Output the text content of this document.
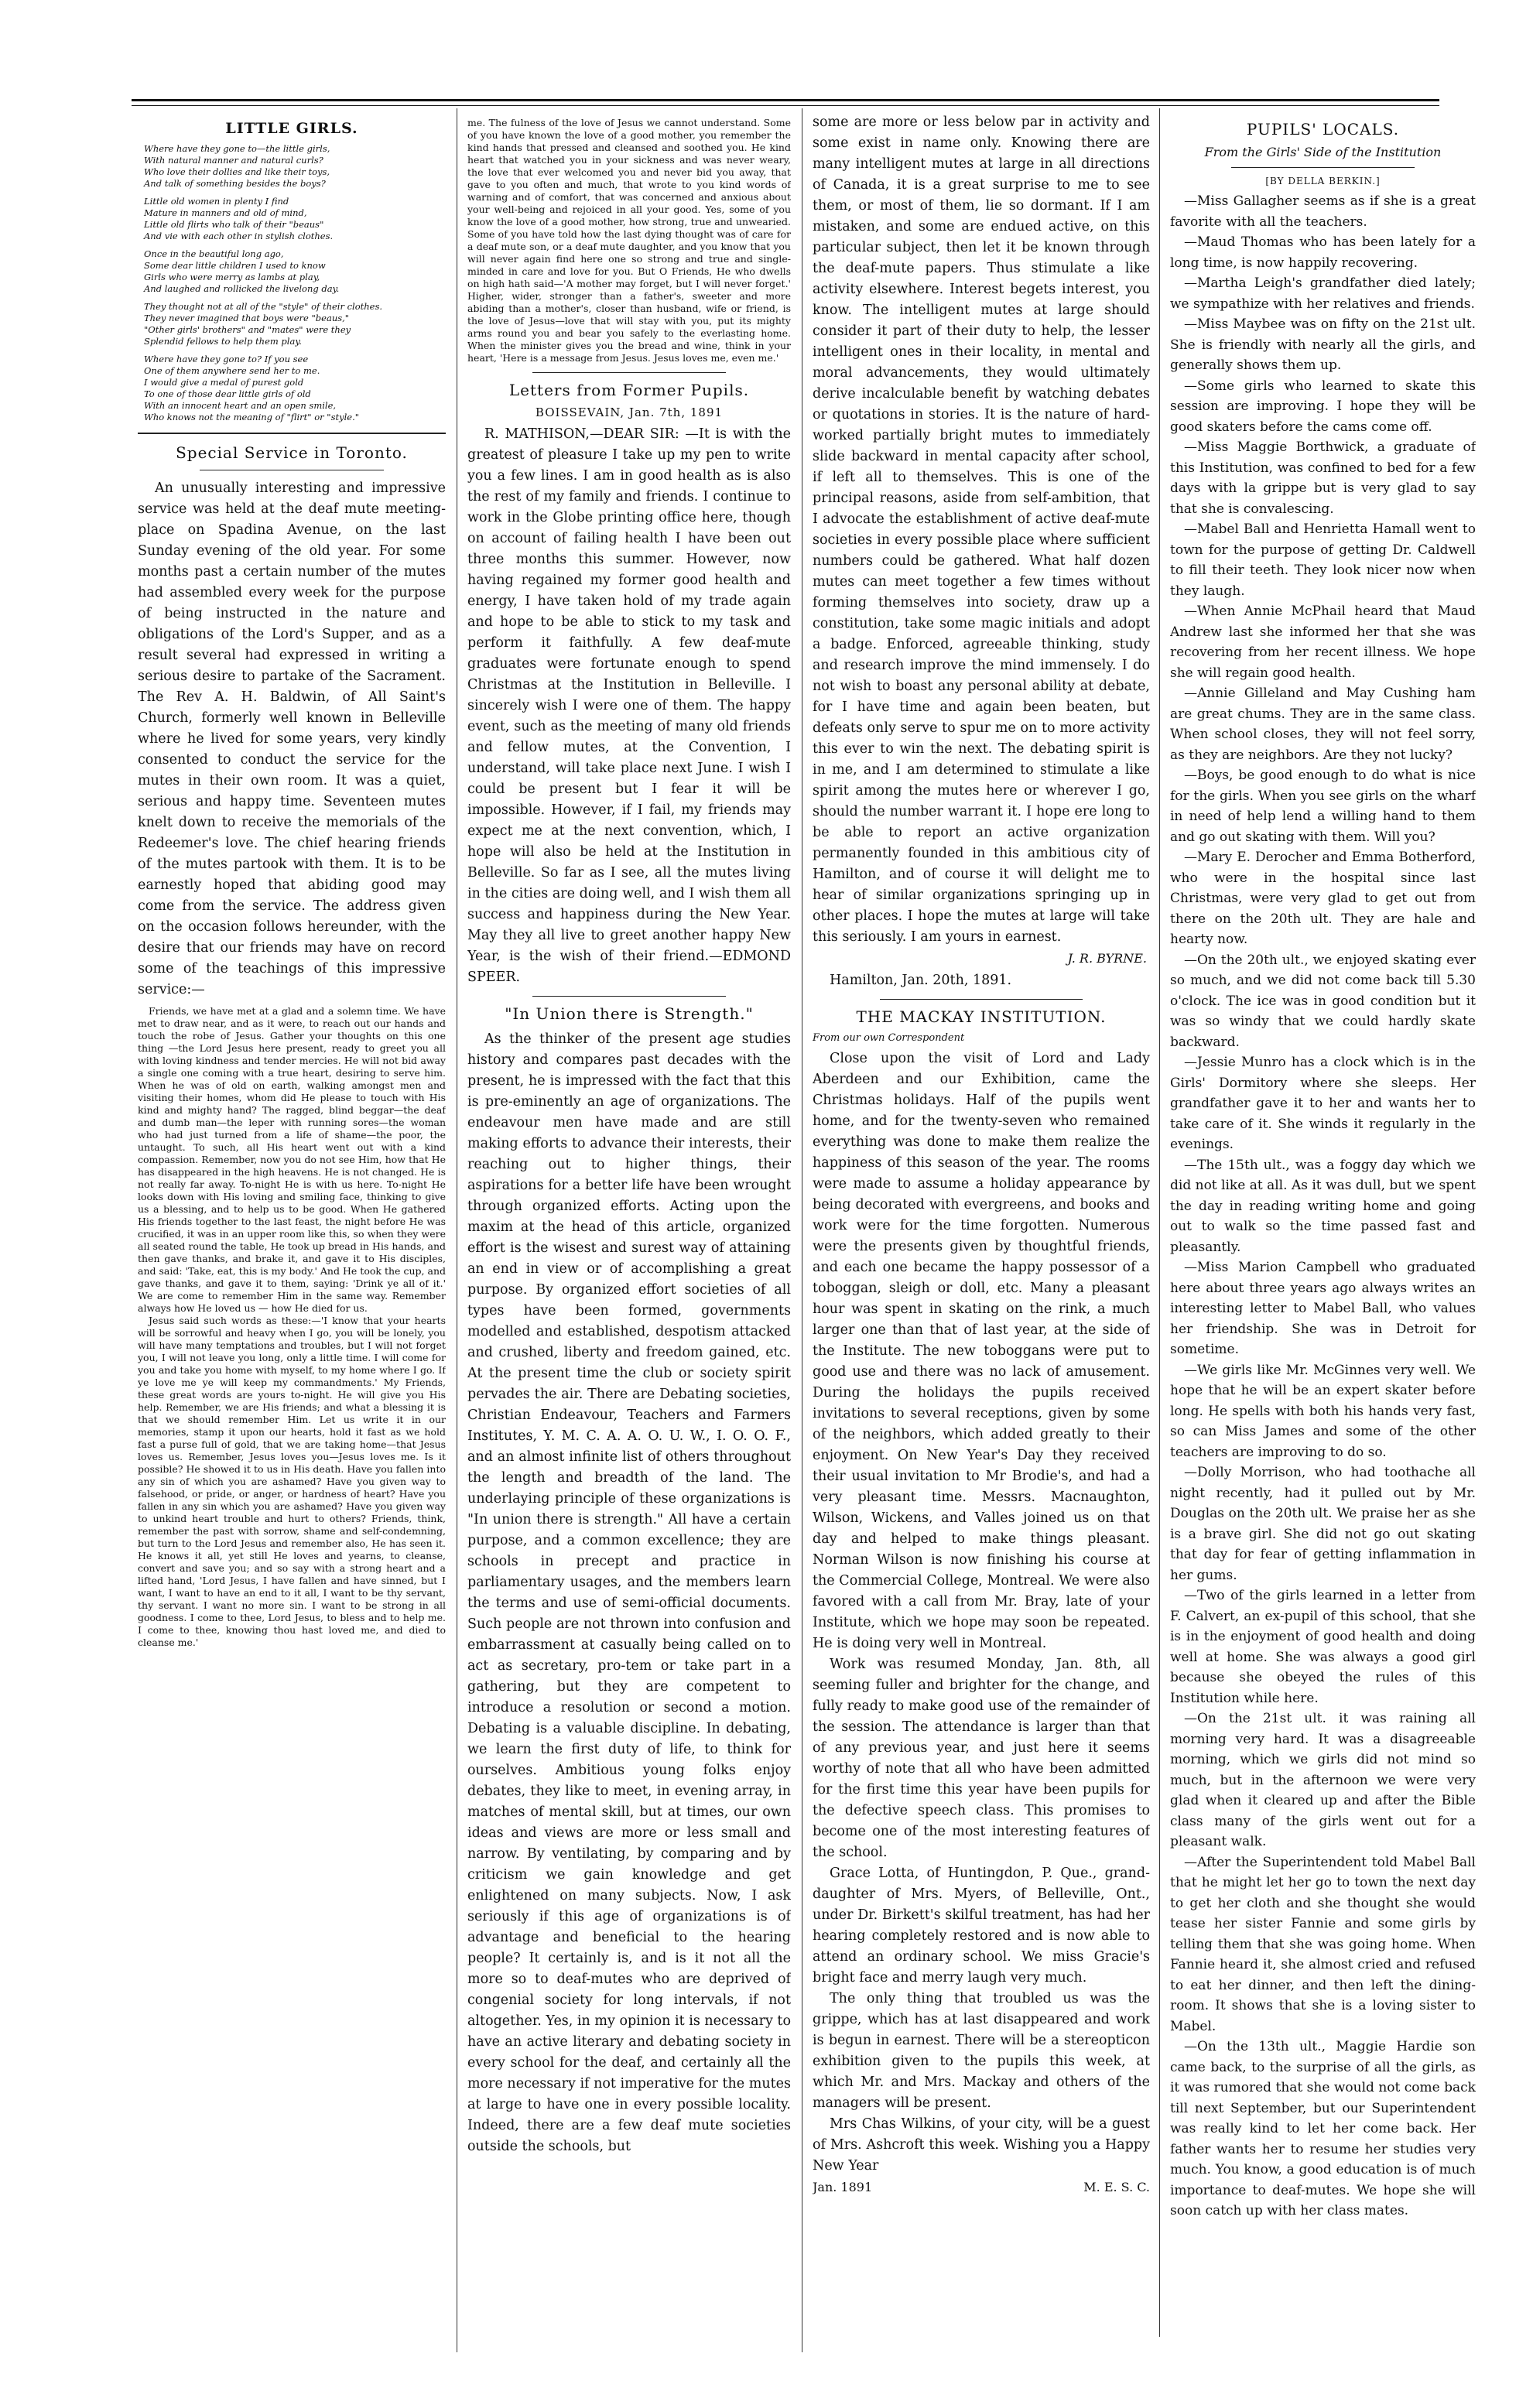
LITTLE GIRLS.

Where have they gone to—the little girls,
With natural manner and natural curls?
Who love their dollies and like their toys,
And talk of something besides the boys?

Little old women in plenty I find
Mature in manners and old of mind,
Little old flirts who talk of their "beaus"
And vie with each other in stylish clothes.

Once in the beautiful long ago,
Some dear little children I used to know
Girls who were merry as lambs at play,
And laughed and rollicked the livelong day.

They thought not at all of the "style" of their clothes.
They never imagined that boys were "beaus,"
"Other girls' brothers" and "mates" were they
Splendid fellows to help them play.

Where have they gone to? If you see
One of them anywhere send her to me.
I would give a medal of purest gold
To one of those dear little girls of old
With an innocent heart and an open smile,
Who knows not the meaning of "flirt" or "style."

Special Service in Toronto.

An unusually interesting and impressive service was held at the deaf mute meeting-place on Spadina Avenue, on the last Sunday evening of the old year. For some months past a certain number of the mutes had assembled every week for the purpose of being instructed in the nature and obligations of the Lord's Supper, and as a result several had expressed in writing a serious desire to partake of the Sacrament. The Rev A. H. Baldwin, of All Saint's Church, formerly well known in Belleville where he lived for some years, very kindly consented to conduct the service for the mutes in their own room. It was a quiet, serious and happy time. Seventeen mutes knelt down to receive the memorials of the Redeemer's love. The chief hearing friends of the mutes partook with them. It is to be earnestly hoped that abiding good may come from the service. The address given on the occasion follows hereunder, with the desire that our friends may have on record some of the teachings of this impressive service:—

Friends, we have met at a glad and a solemn time. We have met to draw near, and as it were, to reach out our hands and touch the robe of Jesus. Gather your thoughts on this one thing —the Lord Jesus here present, ready to greet you all with loving kindness and tender mercies. He will not bid away a single one coming with a true heart, desiring to serve him. When he was of old on earth, walking amongst men and visiting their homes, whom did He please to touch with His kind and mighty hand? The ragged, blind beggar—the deaf and dumb man—the leper with running sores—the woman who had just turned from a life of shame—the poor, the untaught. To such, all His heart went out with a kind compassion. Remember, now you do not see Him, how that He has disappeared in the high heavens. He is not changed. He is not really far away. To-night He is with us here. To-night He looks down with His loving and smiling face, thinking to give us a blessing, and to help us to be good. When He gathered His friends together to the last feast, the night before He was crucified, it was in an upper room like this, so when they were all seated round the table, He took up bread in His hands, and then gave thanks, and brake it, and gave it to His disciples, and said: 'Take, eat, this is my body.' And He took the cup, and gave thanks, and gave it to them, saying: 'Drink ye all of it.' We are come to remember Him in the same way. Remember always how He loved us — how He died for us.

Jesus said such words as these:—'I know that your hearts will be sorrowful and heavy when I go, you will be lonely, you will have many temptations and troubles, but I will not forget you, I will not leave you long, only a little time. I will come for you and take you home with myself, to my home where I go. If ye love me ye will keep my commandments.' My Friends, these great words are yours to-night. He will give you His help. Remember, we are His friends; and what a blessing it is that we should remember Him. Let us write it in our memories, stamp it upon our hearts, hold it fast as we hold fast a purse full of gold, that we are taking home—that Jesus loves us. Remember, Jesus loves you—Jesus loves me. Is it possible? He showed it to us in His death. Have you fallen into any sin of which you are ashamed? Have you given way to falsehood, or pride, or anger, or hardness of heart? Have you fallen in any sin which you are ashamed? Have you given way to unkind heart trouble and hurt to others? Friends, think, remember the past with sorrow, shame and self-condemning, but turn to the Lord Jesus and remember also, He has seen it. He knows it all, yet still He loves and yearns, to cleanse, convert and save you; and so say with a strong heart and a lifted hand, 'Lord Jesus, I have fallen and have sinned, but I want, I want to have an end to it all, I want to be thy servant, thy servant. I want no more sin. I want to be strong in all goodness. I come to thee, Lord Jesus, to bless and to help me. I come to thee, knowing thou hast loved me, and died to cleanse me.'

me. The fulness of the love of Jesus we cannot understand. Some of you have known the love of a good mother, you remember the kind hands that pressed and cleansed and soothed you. He kind heart that watched you in your sickness and was never weary, the love that ever welcomed you and never bid you away, that gave to you often and much, that wrote to you kind words of warning and of comfort, that was concerned and anxious about your well-being and rejoiced in all your good. Yes, some of you know the love of a good mother, how strong, true and unwearied. Some of you have told how the last dying thought was of care for a deaf mute son, or a deaf mute daughter, and you know that you will never again find here one so strong and true and single-minded in care and love for you. But O Friends, He who dwells on high hath said—'A mother may forget, but I will never forget.' Higher, wider, stronger than a father's, sweeter and more abiding than a mother's, closer than husband, wife or friend, is the love of Jesus—love that will stay with you, put its mighty arms round you and bear you safely to the everlasting home. When the minister gives you the bread and wine, think in your heart, 'Here is a message from Jesus. Jesus loves me, even me.'

Letters from Former Pupils.
BOISSEVAIN, Jan. 7th, 1891

R. MATHISON,—DEAR SIR: —It is with the greatest of pleasure I take up my pen to write you a few lines. I am in good health as is also the rest of my family and friends. I continue to work in the Globe printing office here, though on account of failing health I have been out three months this summer. However, now having regained my former good health and energy, I have taken hold of my trade again and hope to be able to stick to my task and perform it faithfully. A few deaf-mute graduates were fortunate enough to spend Christmas at the Institution in Belleville. I sincerely wish I were one of them. The happy event, such as the meeting of many old friends and fellow mutes, at the Convention, I understand, will take place next June. I wish I could be present but I fear it will be impossible. However, if I fail, my friends may expect me at the next convention, which, I hope will also be held at the Institution in Belleville. So far as I see, all the mutes living in the cities are doing well, and I wish them all success and happiness during the New Year. May they all live to greet another happy New Year, is the wish of their friend.—EDMOND SPEER.

"In Union there is Strength."

As the thinker of the present age studies history and compares past decades with the present, he is impressed with the fact that this is pre-eminently an age of organizations. The endeavour men have made and are still making efforts to advance their interests, their reaching out to higher things, their aspirations for a better life have been wrought through organized efforts. Acting upon the maxim at the head of this article, organized effort is the wisest and surest way of attaining an end in view or of accomplishing a great purpose. By organized effort societies of all types have been formed, governments modelled and established, despotism attacked and crushed, liberty and freedom gained, etc. At the present time the club or society spirit pervades the air. There are Debating societies, Christian Endeavour, Teachers and Farmers Institutes, Y. M. C. A. A. O. U. W., I. O. O. F., and an almost infinite list of others throughout the length and breadth of the land. The underlaying principle of these organizations is "In union there is strength." All have a certain purpose, and a common excellence; they are schools in precept and practice in parliamentary usages, and the members learn the terms and use of semi-official documents. Such people are not thrown into confusion and embarrassment at casually being called on to act as secretary, pro-tem or take part in a gathering, but they are competent to introduce a resolution or second a motion. Debating is a valuable discipline. In debating, we learn the first duty of life, to think for ourselves. Ambitious young folks enjoy debates, they like to meet, in evening array, in matches of mental skill, but at times, our own ideas and views are more or less small and narrow. By ventilating, by comparing and by criticism we gain knowledge and get enlightened on many subjects. Now, I ask seriously if this age of organizations is of advantage and beneficial to the hearing people? It certainly is, and is it not all the more so to deaf-mutes who are deprived of congenial society for long intervals, if not altogether. Yes, in my opinion it is necessary to have an active literary and debating society in every school for the deaf, and certainly all the more necessary if not imperative for the mutes at large to have one in every possible locality. Indeed, there are a few deaf mute societies outside the schools, but

some are more or less below par in activity and some exist in name only. Knowing there are many intelligent mutes at large in all directions of Canada, it is a great surprise to me to see them, or most of them, lie so dormant. If I am mistaken, and some are endued active, on this particular subject, then let it be known through the deaf-mute papers. Thus stimulate a like activity elsewhere. Interest begets interest, you know. The intelligent mutes at large should consider it part of their duty to help, the lesser intelligent ones in their locality, in mental and moral advancements, they would ultimately derive incalculable benefit by watching debates or quotations in stories. It is the nature of hard-worked partially bright mutes to immediately slide backward in mental capacity after school, if left all to themselves. This is one of the principal reasons, aside from self-ambition, that I advocate the establishment of active deaf-mute societies in every possible place where sufficient numbers could be gathered. What half dozen mutes can meet together a few times without forming themselves into society, draw up a constitution, take some magic initials and adopt a badge. Enforced, agreeable thinking, study and research improve the mind immensely. I do not wish to boast any personal ability at debate, for I have time and again been beaten, but defeats only serve to spur me on to more activity this ever to win the next. The debating spirit is in me, and I am determined to stimulate a like spirit among the mutes here or wherever I go, should the number warrant it. I hope ere long to be able to report an active organization permanently founded in this ambitious city of Hamilton, and of course it will delight me to hear of similar organizations springing up in other places. I hope the mutes at large will take this seriously. I am yours in earnest.

J. R. BYRNE.

Hamilton, Jan. 20th, 1891.

THE MACKAY INSTITUTION.
From our own Correspondent

Close upon the visit of Lord and Lady Aberdeen and our Exhibition, came the Christmas holidays. Half of the pupils went home, and for the twenty-seven who remained everything was done to make them realize the happiness of this season of the year. The rooms were made to assume a holiday appearance by being decorated with evergreens, and books and work were for the time forgotten. Numerous were the presents given by thoughtful friends, and each one became the happy possessor of a toboggan, sleigh or doll, etc. Many a pleasant hour was spent in skating on the rink, a much larger one than that of last year, at the side of the Institute. The new toboggans were put to good use and there was no lack of amusement. During the holidays the pupils received invitations to several receptions, given by some of the neighbors, which added greatly to their enjoyment. On New Year's Day they received their usual invitation to Mr Brodie's, and had a very pleasant time. Messrs. Macnaughton, Wilson, Wickens, and Valles joined us on that day and helped to make things pleasant. Norman Wilson is now finishing his course at the Commercial College, Montreal. We were also favored with a call from Mr. Bray, late of your Institute, which we hope may soon be repeated. He is doing very well in Montreal.

Work was resumed Monday, Jan. 8th, all seeming fuller and brighter for the change, and fully ready to make good use of the remainder of the session. The attendance is larger than that of any previous year, and just here it seems worthy of note that all who have been admitted for the first time this year have been pupils for the defective speech class. This promises to become one of the most interesting features of the school.

Grace Lotta, of Huntingdon, P. Que., grand-daughter of Mrs. Myers, of Belleville, Ont., under Dr. Birkett's skilful treatment, has had her hearing completely restored and is now able to attend an ordinary school. We miss Gracie's bright face and merry laugh very much.

The only thing that troubled us was the grippe, which has at last disappeared and work is begun in earnest. There will be a stereopticon exhibition given to the pupils this week, at which Mr. and Mrs. Mackay and others of the managers will be present.

Mrs Chas Wilkins, of your city, will be a guest of Mrs. Ashcroft this week. Wishing you a Happy New Year

Jan. 1891	M. E. S. C.
PUPILS' LOCALS.
From the Girls' Side of the Institution
[BY DELLA BERKIN.]

—Miss Gallagher seems as if she is a great favorite with all the teachers.

—Maud Thomas who has been lately for a long time, is now happily recovering.

—Martha Leigh's grandfather died lately; we sympathize with her relatives and friends.

—Miss Maybee was on fifty on the 21st ult. She is friendly with nearly all the girls, and generally shows them up.

—Some girls who learned to skate this session are improving. I hope they will be good skaters before the cams come off.

—Miss Maggie Borthwick, a graduate of this Institution, was confined to bed for a few days with la grippe but is very glad to say that she is convalescing.

—Mabel Ball and Henrietta Hamall went to town for the purpose of getting Dr. Caldwell to fill their teeth. They look nicer now when they laugh.

—When Annie McPhail heard that Maud Andrew last she informed her that she was recovering from her recent illness. We hope she will regain good health.

—Annie Gilleland and May Cushing ham are great chums. They are in the same class. When school closes, they will not feel sorry, as they are neighbors. Are they not lucky?

—Boys, be good enough to do what is nice for the girls. When you see girls on the wharf in need of help lend a willing hand to them and go out skating with them. Will you?

—Mary E. Derocher and Emma Botherford, who were in the hospital since last Christmas, were very glad to get out from there on the 20th ult. They are hale and hearty now.

—On the 20th ult., we enjoyed skating ever so much, and we did not come back till 5.30 o'clock. The ice was in good condition but it was so windy that we could hardly skate backward.

—Jessie Munro has a clock which is in the Girls' Dormitory where she sleeps. Her grandfather gave it to her and wants her to take care of it. She winds it regularly in the evenings.

—The 15th ult., was a foggy day which we did not like at all. As it was dull, but we spent the day in reading writing home and going out to walk so the time passed fast and pleasantly.

—Miss Marion Campbell who graduated here about three years ago always writes an interesting letter to Mabel Ball, who values her friendship. She was in Detroit for sometime.

—We girls like Mr. McGinnes very well. We hope that he will be an expert skater before long. He spells with both his hands very fast, so can Miss James and some of the other teachers are improving to do so.

—Dolly Morrison, who had toothache all night recently, had it pulled out by Mr. Douglas on the 20th ult. We praise her as she is a brave girl. She did not go out skating that day for fear of getting inflammation in her gums.

—Two of the girls learned in a letter from F. Calvert, an ex-pupil of this school, that she is in the enjoyment of good health and doing well at home. She was always a good girl because she obeyed the rules of this Institution while here.

—On the 21st ult. it was raining all morning very hard. It was a disagreeable morning, which we girls did not mind so much, but in the afternoon we were very glad when it cleared up and after the Bible class many of the girls went out for a pleasant walk.

—After the Superintendent told Mabel Ball that he might let her go to town the next day to get her cloth and she thought she would tease her sister Fannie and some girls by telling them that she was going home. When Fannie heard it, she almost cried and refused to eat her dinner, and then left the dining-room. It shows that she is a loving sister to Mabel.

—On the 13th ult., Maggie Hardie son came back, to the surprise of all the girls, as it was rumored that she would not come back till next September, but our Superintendent was really kind to let her come back. Her father wants her to resume her studies very much. You know, a good education is of much importance to deaf-mutes. We hope she will soon catch up with her class mates.
